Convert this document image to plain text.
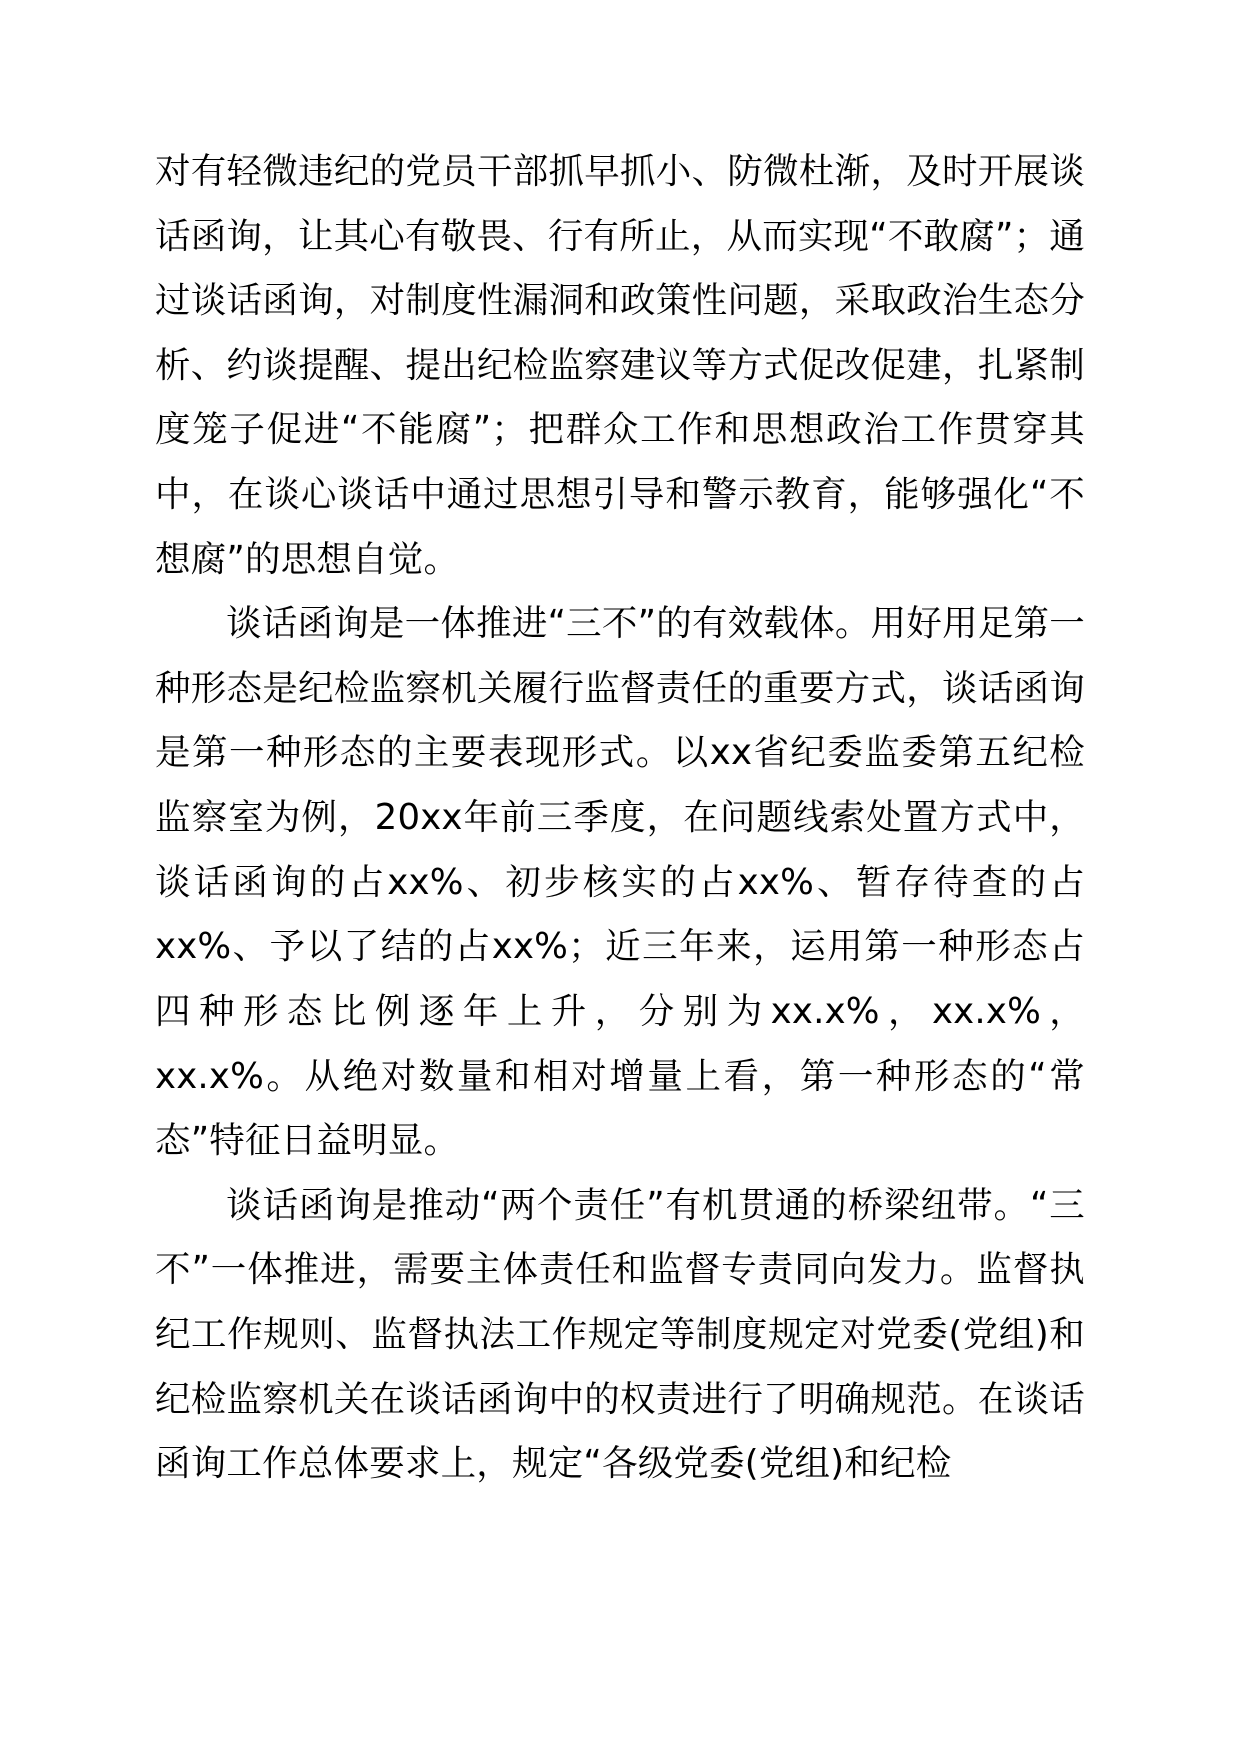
对有轻微违纪的党员干部抓早抓小、防微杜渐，及时开展谈话函询，让其心有敬畏、行有所止，从而实现“不敢腐”；通过谈话函询，对制度性漏洞和政策性问题，采取政治生态分析、约谈提醒、提出纪检监察建议等方式促改促建，扎紧制度笼子促进“不能腐”；把群众工作和思想政治工作贯穿其中，在谈心谈话中通过思想引导和警示教育，能够强化“不想腐”的思想自觉。

谈话函询是一体推进“三不”的有效载体。用好用足第一种形态是纪检监察机关履行监督责任的重要方式，谈话函询是第一种形态的主要表现形式。以xx省纪委监委第五纪检监察室为例，20xx年前三季度，在问题线索处置方式中，谈话函询的占xx%、初步核实的占xx%、暂存待查的占xx%、予以了结的占xx%；近三年来，运用第一种形态占四种形态比例逐年上升，分别为xx.x%，xx.x%，xx.x%。从绝对数量和相对增量上看，第一种形态的“常态”特征日益明显。

谈话函询是推动“两个责任”有机贯通的桥梁纽带。“三不”一体推进，需要主体责任和监督专责同向发力。监督执纪工作规则、监督执法工作规定等制度规定对党委(党组)和纪检监察机关在谈话函询中的权责进行了明确规范。在谈话函询工作总体要求上，规定“各级党委(党组)和纪检
